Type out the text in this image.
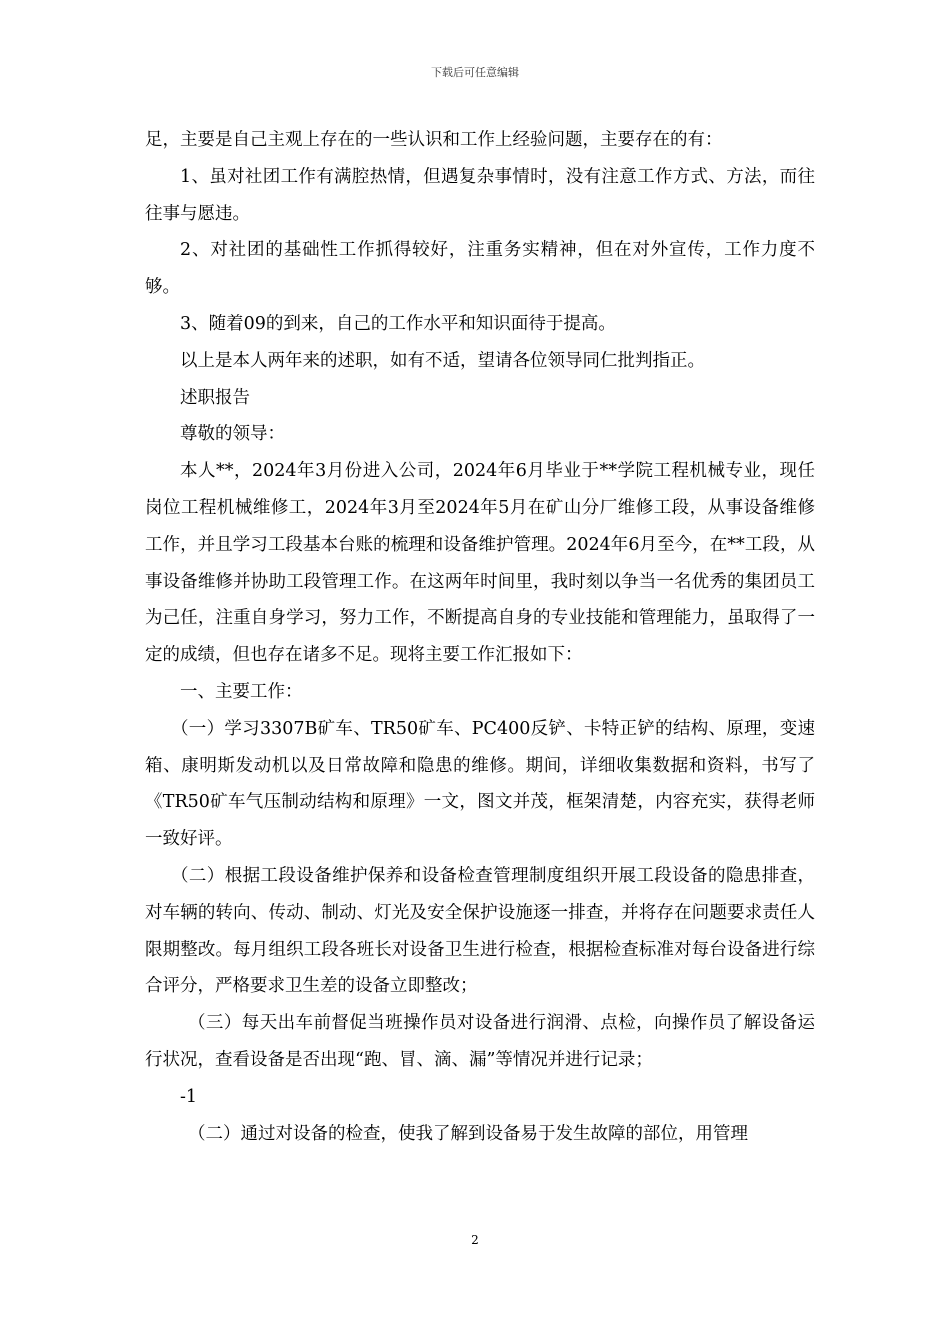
下载后可任意编辑

足，主要是自己主观上存在的一些认识和工作上经验问题，主要存在的有：

1、虽对社团工作有满腔热情，但遇复杂事情时，没有注意工作方式、方法，而往往事与愿违。

2、对社团的基础性工作抓得较好，注重务实精神，但在对外宣传，工作力度不够。

3、随着09的到来，自己的工作水平和知识面待于提高。

以上是本人两年来的述职，如有不适，望请各位领导同仁批判指正。

述职报告

尊敬的领导：

本人**，2024年3月份进入公司，2024年6月毕业于**学院工程机械专业，现任岗位工程机械维修工，2024年3月至2024年5月在矿山分厂维修工段，从事设备维修工作，并且学习工段基本台账的梳理和设备维护管理。2024年6月至今，在**工段，从事设备维修并协助工段管理工作。在这两年时间里，我时刻以争当一名优秀的集团员工为己任，注重自身学习，努力工作，不断提高自身的专业技能和管理能力，虽取得了一定的成绩，但也存在诸多不足。现将主要工作汇报如下：

一、主要工作：

（一）学习3307B矿车、TR50矿车、PC400反铲、卡特正铲的结构、原理，变速箱、康明斯发动机以及日常故障和隐患的维修。期间，详细收集数据和资料，书写了《TR50矿车气压制动结构和原理》一文，图文并茂，框架清楚，内容充实，获得老师一致好评。

（二）根据工段设备维护保养和设备检查管理制度组织开展工段设备的隐患排查，对车辆的转向、传动、制动、灯光及安全保护设施逐一排查，并将存在问题要求责任人限期整改。每月组织工段各班长对设备卫生进行检查，根据检查标准对每台设备进行综合评分，严格要求卫生差的设备立即整改；

（三）每天出车前督促当班操作员对设备进行润滑、点检，向操作员了解设备运行状况，查看设备是否出现“跑、冒、滴、漏”等情况并进行记录；

-1

（二）通过对设备的检查，使我了解到设备易于发生故障的部位，用管理

2
